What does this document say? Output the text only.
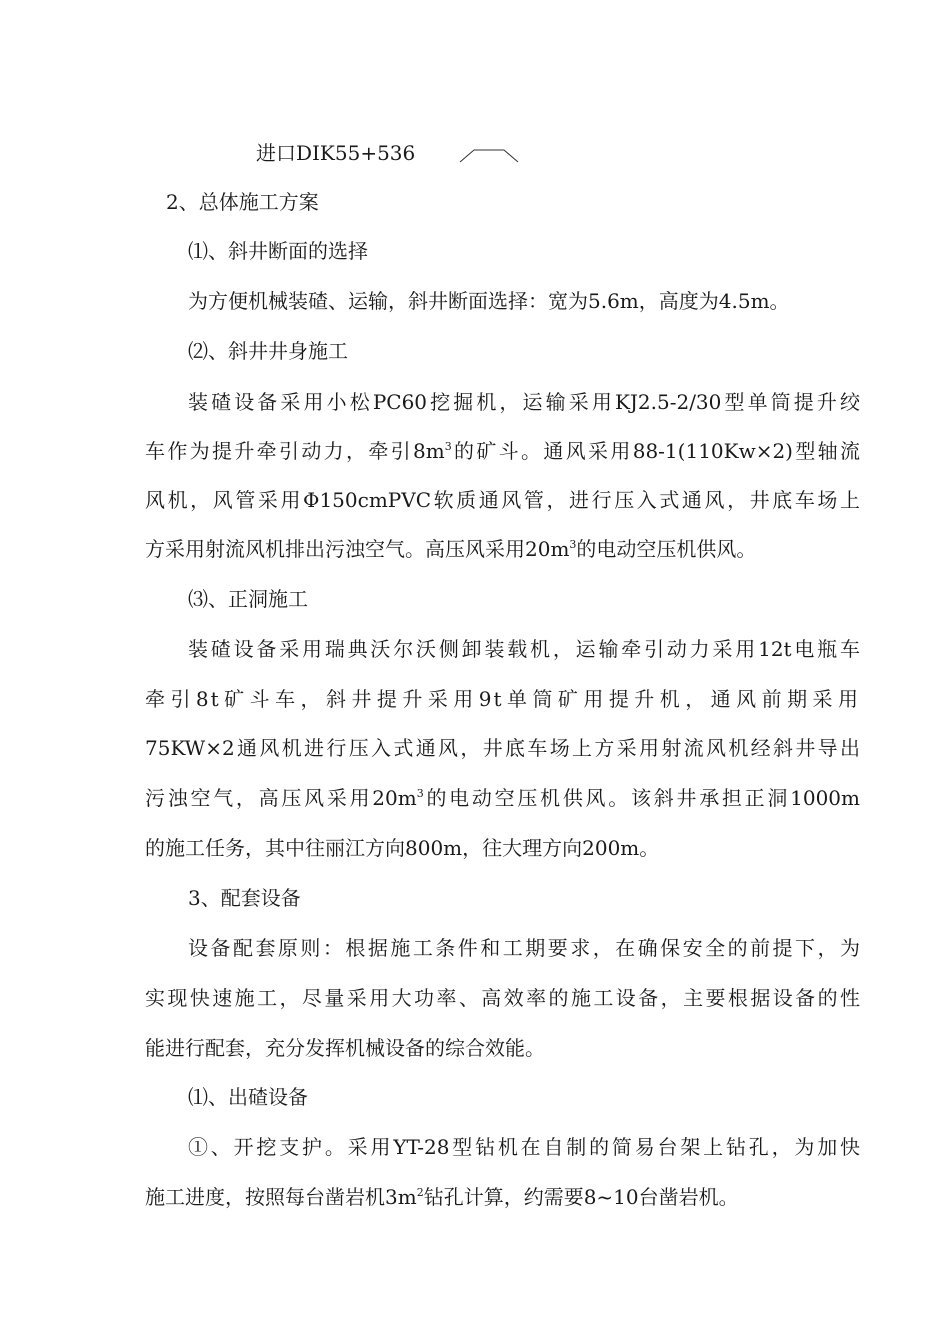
进口DIK55+536
2、总体施工方案
⑴、斜井断面的选择
为方便机械装碴、运输，斜井断面选择：宽为5.6m，高度为4.5m。
⑵、斜井井身施工
装碴设备采用小松PC60挖掘机，运输采用KJ2.5-2/30型单筒提升绞
车作为提升牵引动力，牵引$8m^3$的矿斗。通风采用88-1(110Kw×2)型轴流
风机，风管采用Φ150cmPVC软质通风管，进行压入式通风，井底车场上
方采用射流风机排出污浊空气。高压风采用$20m^3$的电动空压机供风。
⑶、正洞施工
装碴设备采用瑞典沃尔沃侧卸装载机，运输牵引动力采用12t电瓶车
牵引8t矿斗车，斜井提升采用9t单筒矿用提升机，通风前期采用
75KW×2通风机进行压入式通风，井底车场上方采用射流风机经斜井导出
污浊空气，高压风采用$20m^3$的电动空压机供风。该斜井承担正洞1000m
的施工任务，其中往丽江方向800m，往大理方向200m。
3、配套设备
设备配套原则：根据施工条件和工期要求，在确保安全的前提下，为
实现快速施工，尽量采用大功率、高效率的施工设备，主要根据设备的性
能进行配套，充分发挥机械设备的综合效能。
⑴、出碴设备
①、开挖支护。采用YT-28型钻机在自制的简易台架上钻孔，为加快
施工进度，按照每台凿岩机$3m^2$钻孔计算，约需要8~10台凿岩机。
